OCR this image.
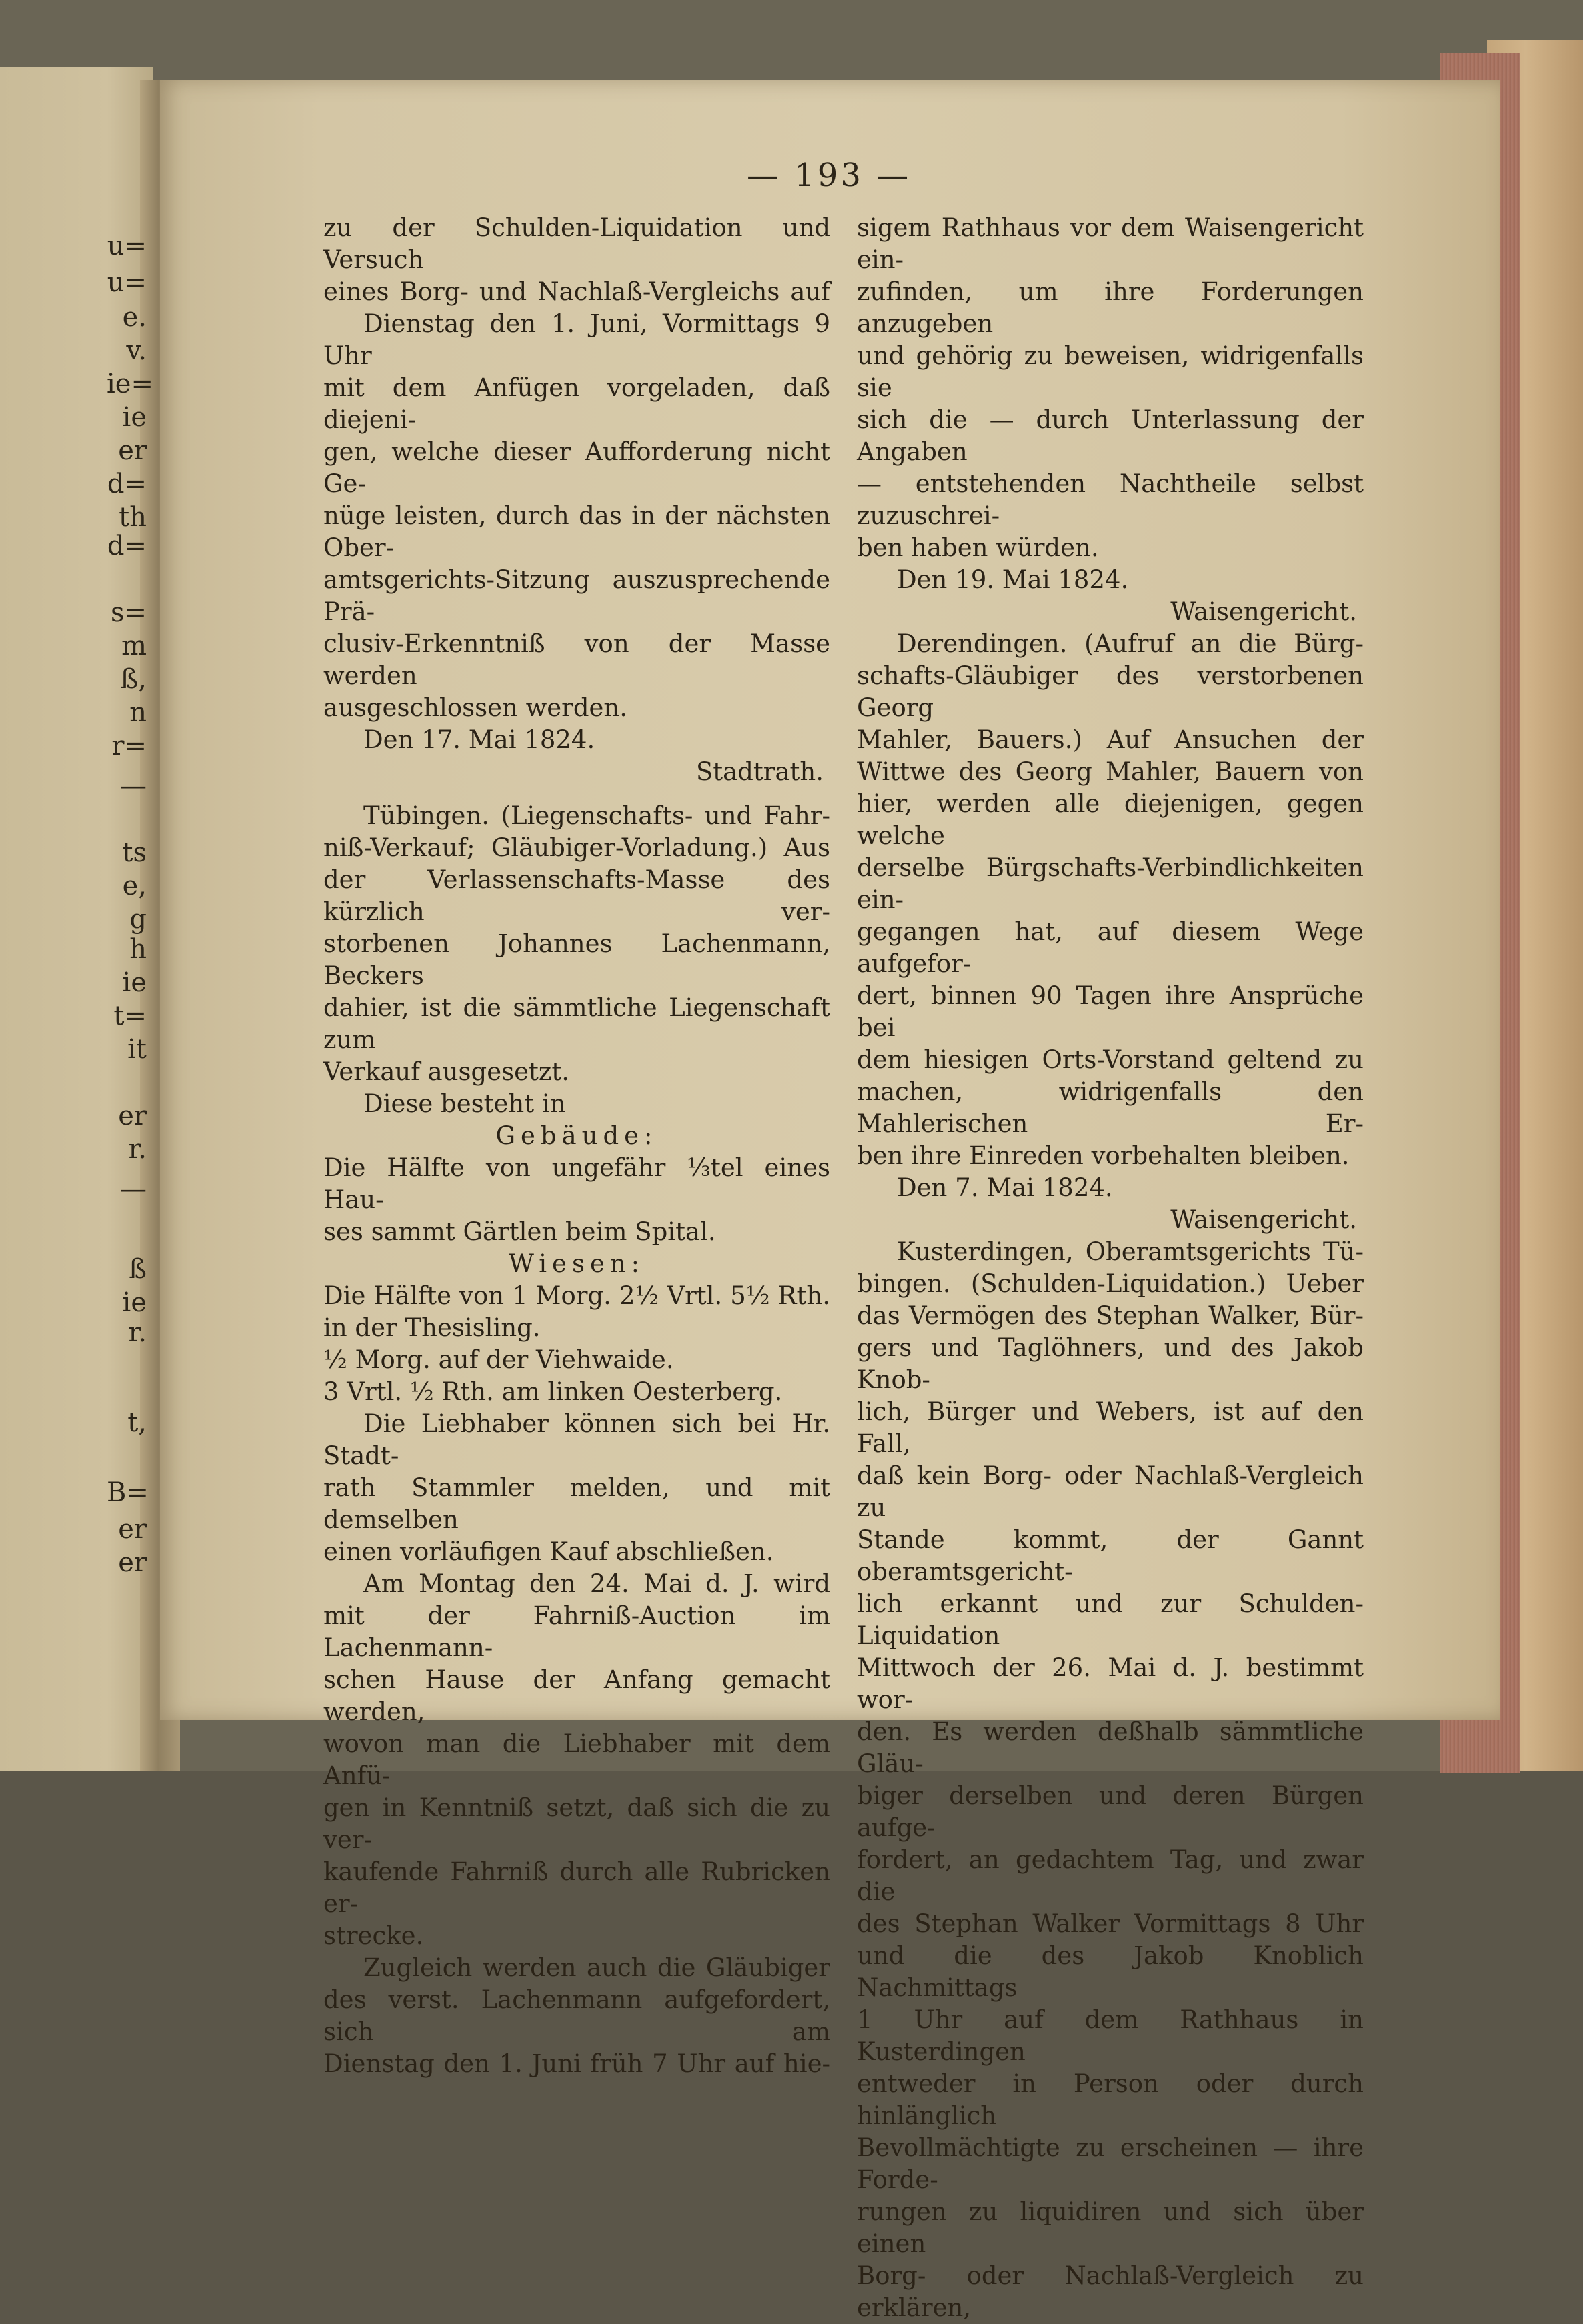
u=
u=
e.
v.
ie=
ie
er
d=
th
d=
s=
m
ß,
n
r=
—
ts
e,
g
h
ie
t=
it
er
r.
—
ß
ie
r.
t,
B=
er
er
— 193 —

zu der Schulden-Liquidation und Versuch

eines Borg- und Nachlaß-Vergleichs auf

Dienstag den 1. Juni, Vormittags 9 Uhr

mit dem Anfügen vorgeladen, daß diejeni-

gen, welche dieser Aufforderung nicht Ge-

nüge leisten, durch das in der nächsten Ober-

amtsgerichts-Sitzung auszusprechende Prä-

clusiv-Erkenntniß von der Masse werden

ausgeschlossen werden.

Den 17. Mai 1824.

Stadtrath.

Tübingen. (Liegenschafts- und Fahr-

niß-Verkauf; Gläubiger-Vorladung.) Aus

der Verlassenschafts-Masse des kürzlich ver-

storbenen Johannes Lachenmann, Beckers

dahier, ist die sämmtliche Liegenschaft zum

Verkauf ausgesetzt.

Diese besteht in

Gebäude:

Die Hälfte von ungefähr ⅓tel eines Hau-

ses sammt Gärtlen beim Spital.

Wiesen:

Die Hälfte von 1 Morg. 2½ Vrtl. 5½ Rth.

in der Thesisling.

½ Morg. auf der Viehwaide.

3 Vrtl. ½ Rth. am linken Oesterberg.

Die Liebhaber können sich bei Hr. Stadt-

rath Stammler melden, und mit demselben

einen vorläufigen Kauf abschließen.

Am Montag den 24. Mai d. J. wird

mit der Fahrniß-Auction im Lachenmann-

schen Hause der Anfang gemacht werden,

wovon man die Liebhaber mit dem Anfü-

gen in Kenntniß setzt, daß sich die zu ver-

kaufende Fahrniß durch alle Rubricken er-

strecke.

Zugleich werden auch die Gläubiger

des verst. Lachenmann aufgefordert, sich am

Dienstag den 1. Juni früh 7 Uhr auf hie-

sigem Rathhaus vor dem Waisengericht ein-

zufinden, um ihre Forderungen anzugeben

und gehörig zu beweisen, widrigenfalls sie

sich die — durch Unterlassung der Angaben

— entstehenden Nachtheile selbst zuzuschrei-

ben haben würden.

Den 19. Mai 1824.

Waisengericht.

Derendingen. (Aufruf an die Bürg-

schafts-Gläubiger des verstorbenen Georg

Mahler, Bauers.) Auf Ansuchen der

Wittwe des Georg Mahler, Bauern von

hier, werden alle diejenigen, gegen welche

derselbe Bürgschafts-Verbindlichkeiten ein-

gegangen hat, auf diesem Wege aufgefor-

dert, binnen 90 Tagen ihre Ansprüche bei

dem hiesigen Orts-Vorstand geltend zu

machen, widrigenfalls den Mahlerischen Er-

ben ihre Einreden vorbehalten bleiben.

Den 7. Mai 1824.

Waisengericht.

Kusterdingen, Oberamtsgerichts Tü-

bingen. (Schulden-Liquidation.) Ueber

das Vermögen des Stephan Walker, Bür-

gers und Taglöhners, und des Jakob Knob-

lich, Bürger und Webers, ist auf den Fall,

daß kein Borg- oder Nachlaß-Vergleich zu

Stande kommt, der Gannt oberamtsgericht-

lich erkannt und zur Schulden-Liquidation

Mittwoch der 26. Mai d. J. bestimmt wor-

den. Es werden deßhalb sämmtliche Gläu-

biger derselben und deren Bürgen aufge-

fordert, an gedachtem Tag, und zwar die

des Stephan Walker Vormittags 8 Uhr

und die des Jakob Knoblich Nachmittags

1 Uhr auf dem Rathhaus in Kusterdingen

entweder in Person oder durch hinlänglich

Bevollmächtigte zu erscheinen — ihre Forde-

rungen zu liquidiren und sich über einen

Borg- oder Nachlaß-Vergleich zu erklären,
